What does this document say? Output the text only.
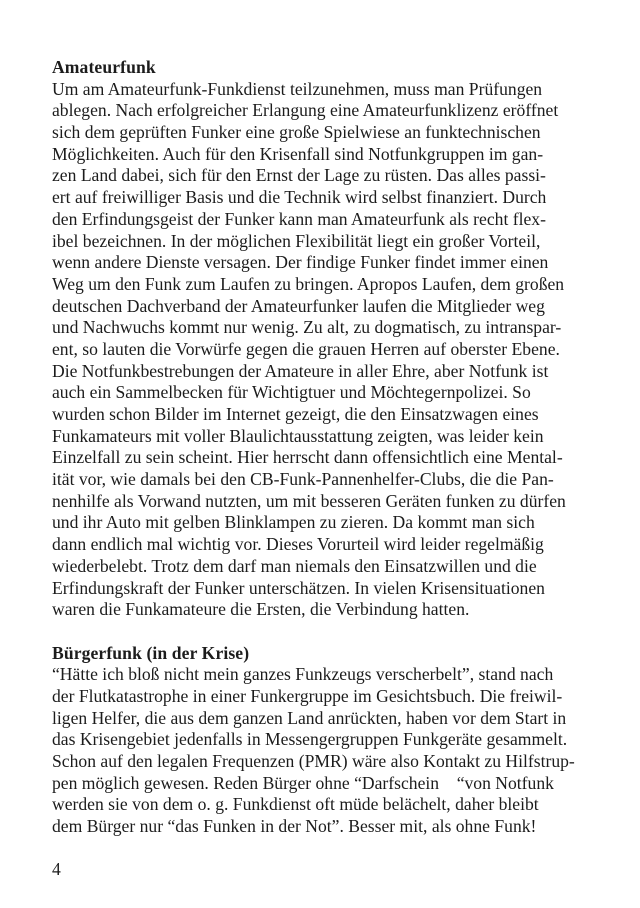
Amateurfunk
Um am Amateurfunk-Funkdienst teilzunehmen, muss man Prüfungen
ablegen. Nach erfolgreicher Erlangung eine Amateurfunklizenz eröffnet
sich dem geprüften Funker eine große Spielwiese an funktechnischen
Möglichkeiten. Auch für den Krisenfall sind Notfunkgruppen im gan-
zen Land dabei, sich für den Ernst der Lage zu rüsten. Das alles passi-
ert auf freiwilliger Basis und die Technik wird selbst finanziert. Durch
den Erfindungsgeist der Funker kann man Amateurfunk als recht flex-
ibel bezeichnen. In der möglichen Flexibilität liegt ein großer Vorteil,
wenn andere Dienste versagen. Der findige Funker findet immer einen
Weg um den Funk zum Laufen zu bringen. Apropos Laufen, dem großen
deutschen Dachverband der Amateurfunker laufen die Mitglieder weg
und Nachwuchs kommt nur wenig. Zu alt, zu dogmatisch, zu intranspar-
ent, so lauten die Vorwürfe gegen die grauen Herren auf oberster Ebene.
Die Notfunkbestrebungen der Amateure in aller Ehre, aber Notfunk ist
auch ein Sammelbecken für Wichtigtuer und Möchtegernpolizei. So
wurden schon Bilder im Internet gezeigt, die den Einsatzwagen eines
Funkamateurs mit voller Blaulichtausstattung zeigten, was leider kein
Einzelfall zu sein scheint. Hier herrscht dann offensichtlich eine Mental-
ität vor, wie damals bei den CB-Funk-Pannenhelfer-Clubs, die die Pan-
nenhilfe als Vorwand nutzten, um mit besseren Geräten funken zu dürfen
und ihr Auto mit gelben Blinklampen zu zieren. Da kommt man sich
dann endlich mal wichtig vor. Dieses Vorurteil wird leider regelmäßig
wiederbelebt. Trotz dem darf man niemals den Einsatzwillen und die
Erfindungskraft der Funker unterschätzen. In vielen Krisensituationen
waren die Funkamateure die Ersten, die Verbindung hatten.
Bürgerfunk (in der Krise)
“Hätte ich bloß nicht mein ganzes Funkzeugs verscherbelt”, stand nach
der Flutkatastrophe in einer Funkergruppe im Gesichtsbuch. Die freiwil-
ligen Helfer, die aus dem ganzen Land anrückten, haben vor dem Start in
das Krisengebiet jedenfalls in Messengergruppen Funkgeräte gesammelt.
Schon auf den legalen Frequenzen (PMR) wäre also Kontakt zu Hilfstrup-
pen möglich gewesen. Reden Bürger ohne “Darfschein    “von Notfunk
werden sie von dem o. g. Funkdienst oft müde belächelt, daher bleibt
dem Bürger nur “das Funken in der Not”. Besser mit, als ohne Funk!
4
